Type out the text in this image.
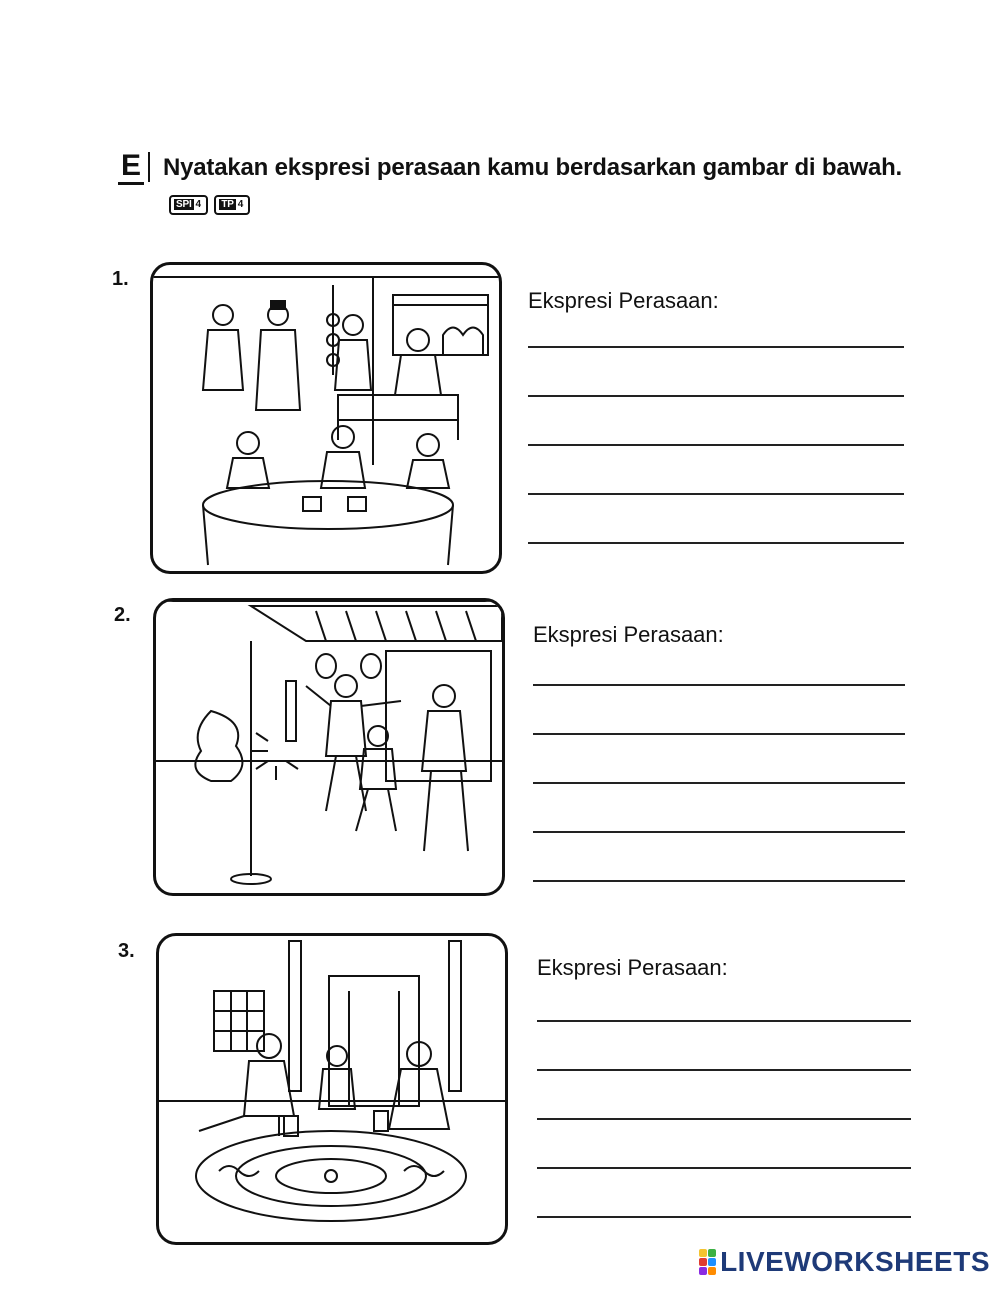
E Nyatakan ekspresi perasaan kamu berdasarkan gambar di bawah. SPI 4 TP 4
1.
Ekspresi Perasaan:
2.
Ekspresi Perasaan:
3.
Ekspresi Perasaan:
LIVEWORKSHEETS
